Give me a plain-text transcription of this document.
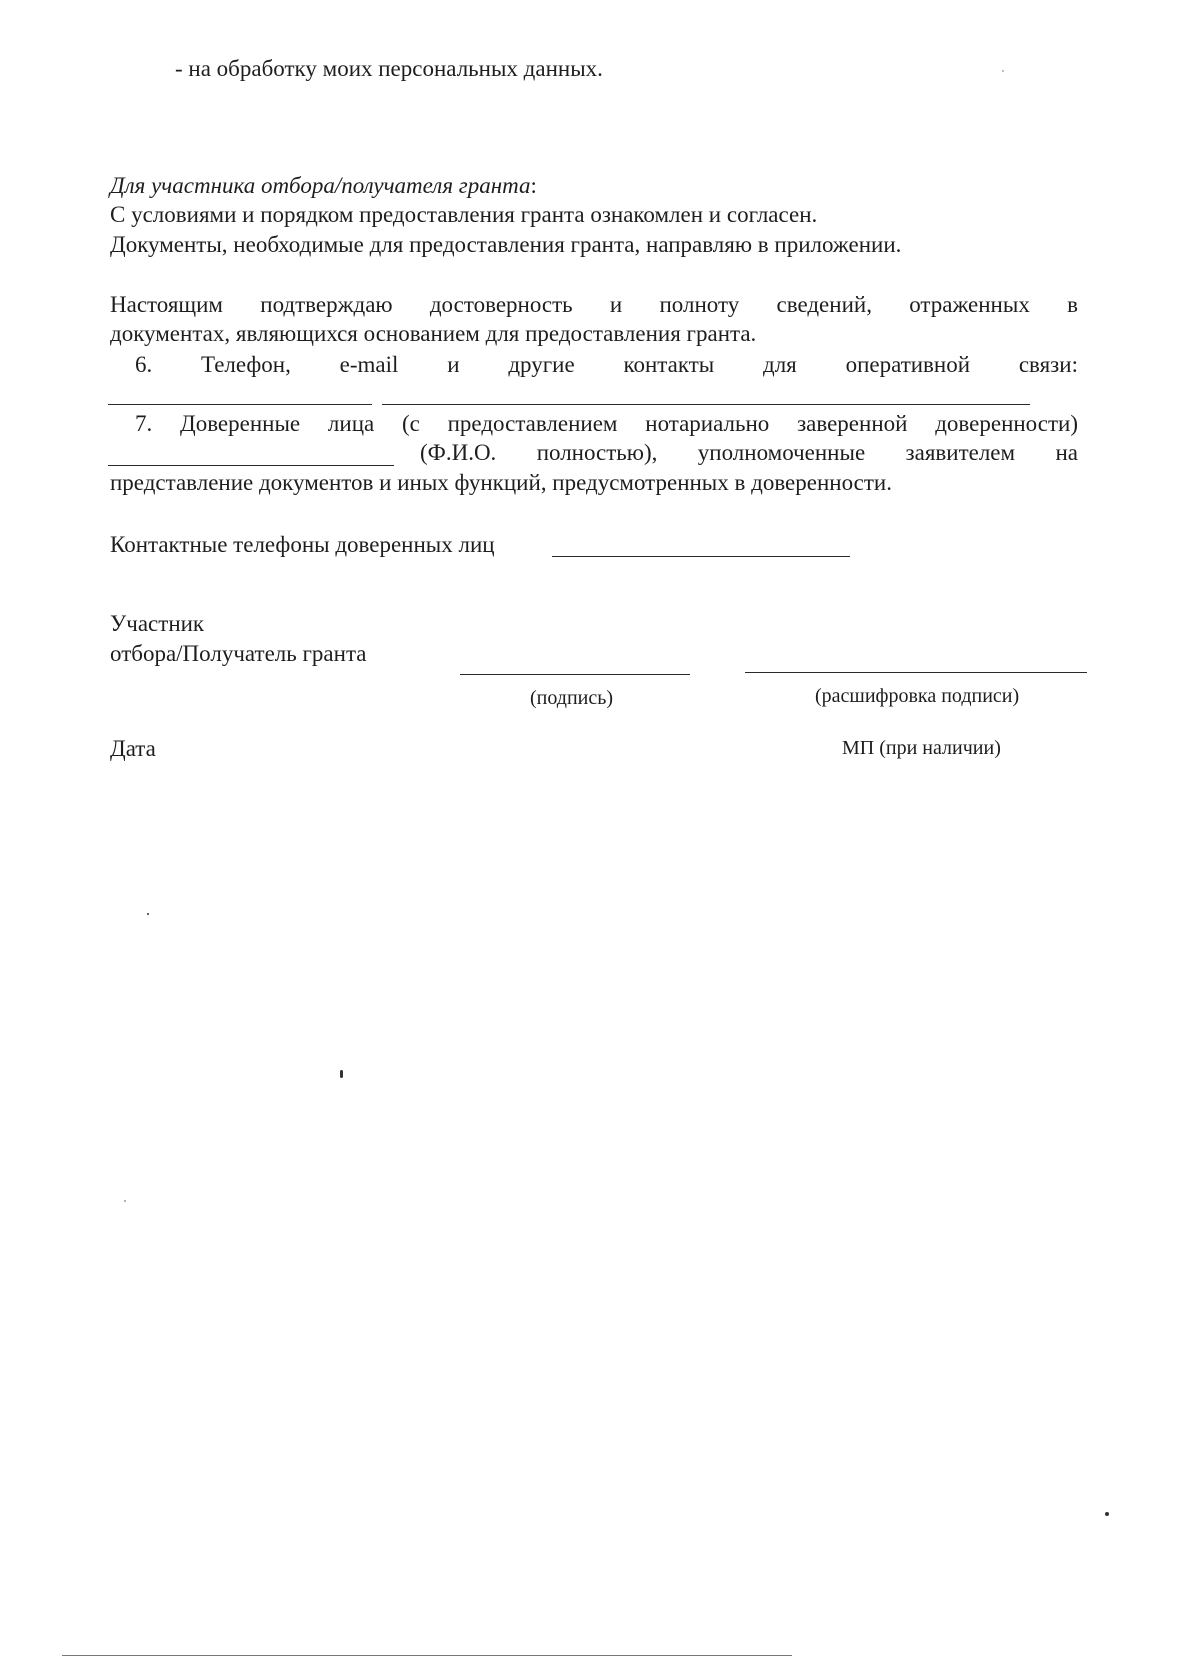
- на обработку моих персональных данных.
Для участника отбора/получателя гранта:
С условиями и порядком предоставления гранта ознакомлен и согласен.
Документы, необходимые для предоставления гранта, направляю в приложении.
Настоящим подтверждаю достоверность и полноту сведений, отраженных в
документах, являющихся основанием для предоставления гранта.
6. Телефон, e-mail и другие контакты для оперативной связи:
7. Доверенные лица (с предоставлением нотариально заверенной доверенности)
(Ф.И.О. полностью), уполномоченные заявителем на
представление документов и иных функций, предусмотренных в доверенности.
Контактные телефоны доверенных лиц
Участник
отбора/Получатель гранта
(подпись)	(расшифровка подписи)
Дата	МП (при наличии)
